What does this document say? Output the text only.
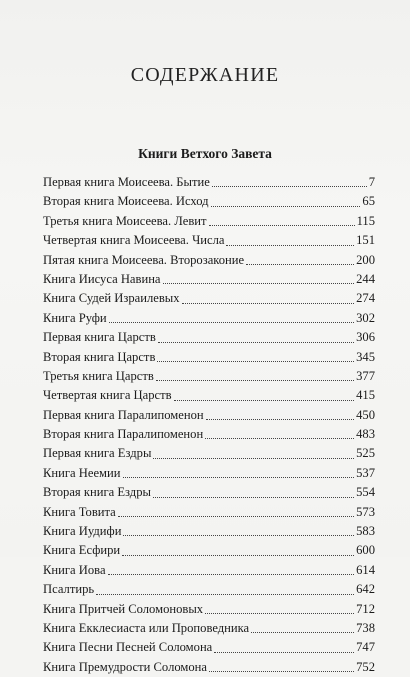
СОДЕРЖАНИЕ
Книги Ветхого Завета
Первая книга Моисеева. Бытие	7
Вторая книга Моисеева. Исход	65
Третья книга Моисеева. Левит	115
Четвертая книга Моисеева. Числа	151
Пятая книга Моисеева. Второзаконие	200
Книга Иисуса Навина	244
Книга Судей Израилевых	274
Книга Руфи	302
Первая книга Царств	306
Вторая книга Царств	345
Третья книга Царств	377
Четвертая книга Царств	415
Первая книга Паралипоменон	450
Вторая книга Паралипоменон	483
Первая книга Ездры	525
Книга Неемии	537
Вторая книга Ездры	554
Книга Товита	573
Книга Иудифи	583
Книга Есфири	600
Книга Иова	614
Псалтирь	642
Книга Притчей Соломоновых	712
Книга Екклесиаста или Проповедника	738
Книга Песни Песней Соломона	747
Книга Премудрости Соломона	752
